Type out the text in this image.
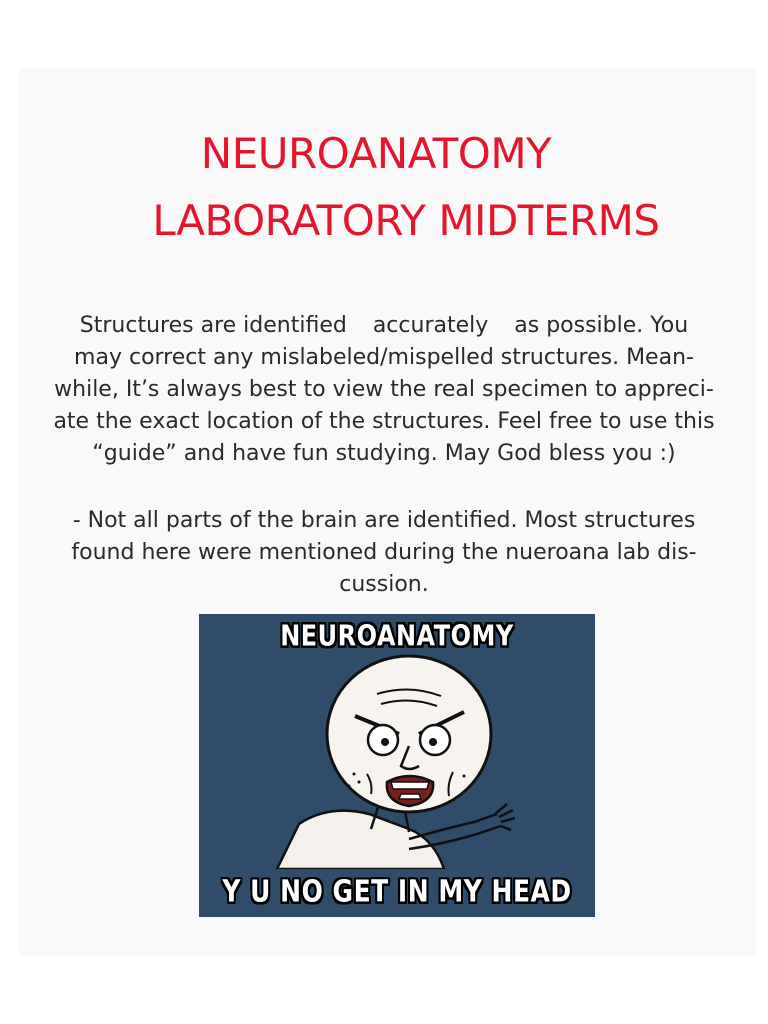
NEUROANATOMY
LABORATORY MIDTERMS
Structures are identified accurately as possible. You
may correct any mislabeled/mispelled structures. Mean-
while, It’s always best to view the real specimen to appreci-
ate the exact location of the structures. Feel free to use this
“guide” and have fun studying. May God bless you :)
- Not all parts of the brain are identified. Most structures
found here were mentioned during the nueroana lab dis-
cussion.
NEUROANATOMY
Y U NO GET IN MY HEAD
